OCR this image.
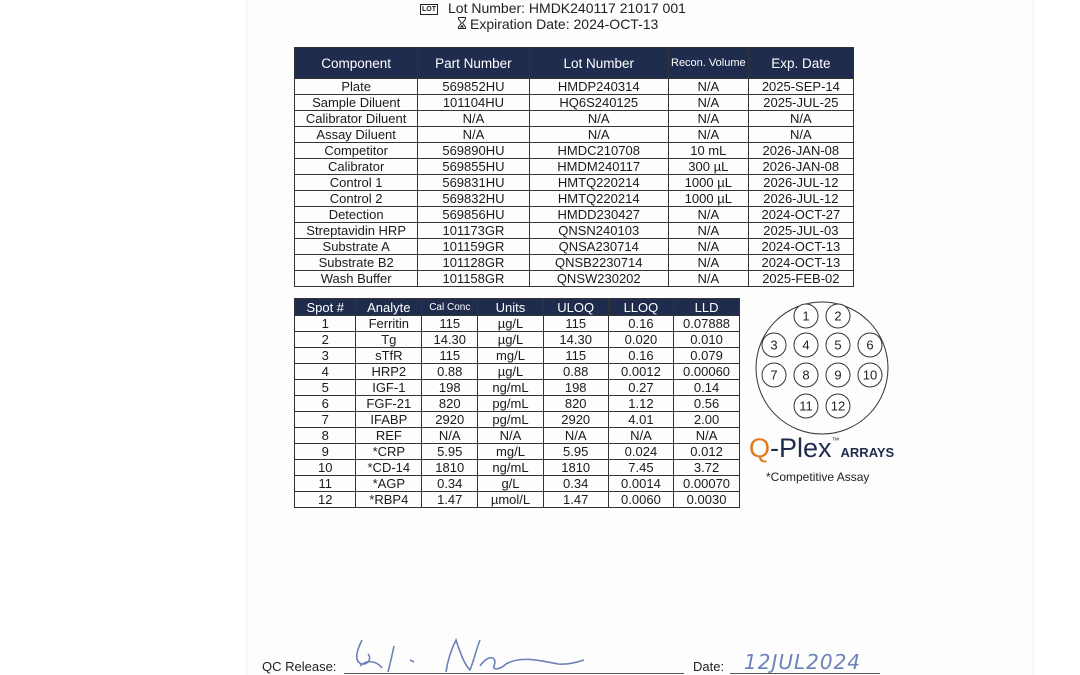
LOT Lot Number: HMDK240117 21017 001
Expiration Date: 2024-OCT-13
Component	Part Number	Lot Number	Recon. Volume	Exp. Date
Plate	569852HU	HMDP240314	N/A	2025-SEP-14
Sample Diluent	101104HU	HQ6S240125	N/A	2025-JUL-25
Calibrator Diluent	N/A	N/A	N/A	N/A
Assay Diluent	N/A	N/A	N/A	N/A
Competitor	569890HU	HMDC210708	10 mL	2026-JAN-08
Calibrator	569855HU	HMDM240117	300 µL	2026-JAN-08
Control 1	569831HU	HMTQ220214	1000 µL	2026-JUL-12
Control 2	569832HU	HMTQ220214	1000 µL	2026-JUL-12
Detection	569856HU	HMDD230427	N/A	2024-OCT-27
Streptavidin HRP	101173GR	QNSN240103	N/A	2025-JUL-03
Substrate A	101159GR	QNSA230714	N/A	2024-OCT-13
Substrate B2	101128GR	QNSB2230714	N/A	2024-OCT-13
Wash Buffer	101158GR	QNSW230202	N/A	2025-FEB-02
Spot #	Analyte	Cal Conc	Units	ULOQ	LLOQ	LLD
1	Ferritin	115	µg/L	115	0.16	0.07888
2	Tg	14.30	µg/L	14.30	0.020	0.010
3	sTfR	115	mg/L	115	0.16	0.079
4	HRP2	0.88	µg/L	0.88	0.0012	0.00060
5	IGF-1	198	ng/mL	198	0.27	0.14
6	FGF-21	820	pg/mL	820	1.12	0.56
7	IFABP	2920	pg/mL	2920	4.01	2.00
8	REF	N/A	N/A	N/A	N/A	N/A
9	*CRP	5.95	mg/L	5.95	0.024	0.012
10	*CD-14	1810	ng/mL	1810	7.45	3.72
11	*AGP	0.34	g/L	0.34	0.0014	0.00070
12	*RBP4	1.47	µmol/L	1.47	0.0060	0.0030
1 2
3 4 5 6
7 8 9 10
11 12
Q-Plex™ARRAYS
*Competitive Assay
QC Release:	Date: 12JUL2024
